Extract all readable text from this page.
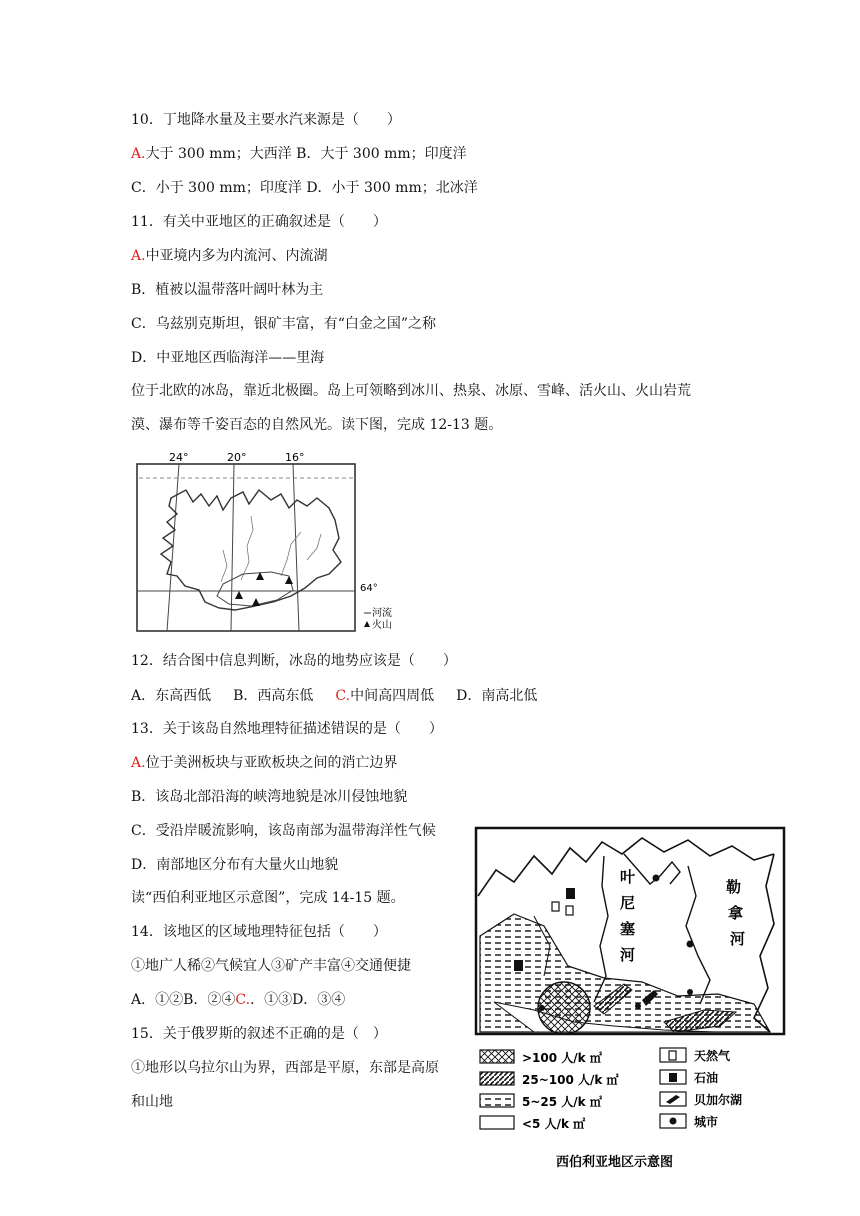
10．丁地降水量及主要水汽来源是（　　）
A.大于 300 mm；大西洋 B．大于 300 mm；印度洋
C．小于 300 mm；印度洋 D．小于 300 mm；北冰洋
11．有关中亚地区的正确叙述是（　　）
A.中亚境内多为内流河、内流湖
B．植被以温带落叶阔叶林为主
C．乌兹别克斯坦，银矿丰富，有“白金之国”之称
D．中亚地区西临海洋——里海
位于北欧的冰岛，靠近北极圈。岛上可领略到冰川、热泉、冰原、雪峰、活火山、火山岩荒
漠、瀑布等千姿百态的自然风光。读下图，完成 12-13 题。
24°	20°	16°
64°
河流
火山
12．结合图中信息判断，冰岛的地势应该是（　　）
A．东高西低 B．西高东低 C.中间高四周低 D．南高北低
13．关于该岛自然地理特征描述错误的是（　　）
A.位于美洲板块与亚欧板块之间的消亡边界
B．该岛北部沿海的峡湾地貌是冰川侵蚀地貌
C．受沿岸暖流影响，该岛南部为温带海洋性气候
D．南部地区分布有大量火山地貌
读“西伯利亚地区示意图”，完成 14-15 题。
14．该地区的区域地理特征包括（　　）
①地广人稀②气候宜人③矿产丰富④交通便捷
A．①②B．②④C.．①③D．③④
15．关于俄罗斯的叙述不正确的是（　）
①地形以乌拉尔山为界，西部是平原，东部是高原
和山地
叶
尼
塞
河
勒
拿
河
>100 人/k ㎡
25~100 人/k ㎡
5~25 人/k ㎡
<5 人/k ㎡
天然气
石油
贝加尔湖
城市
西伯利亚地区示意图
